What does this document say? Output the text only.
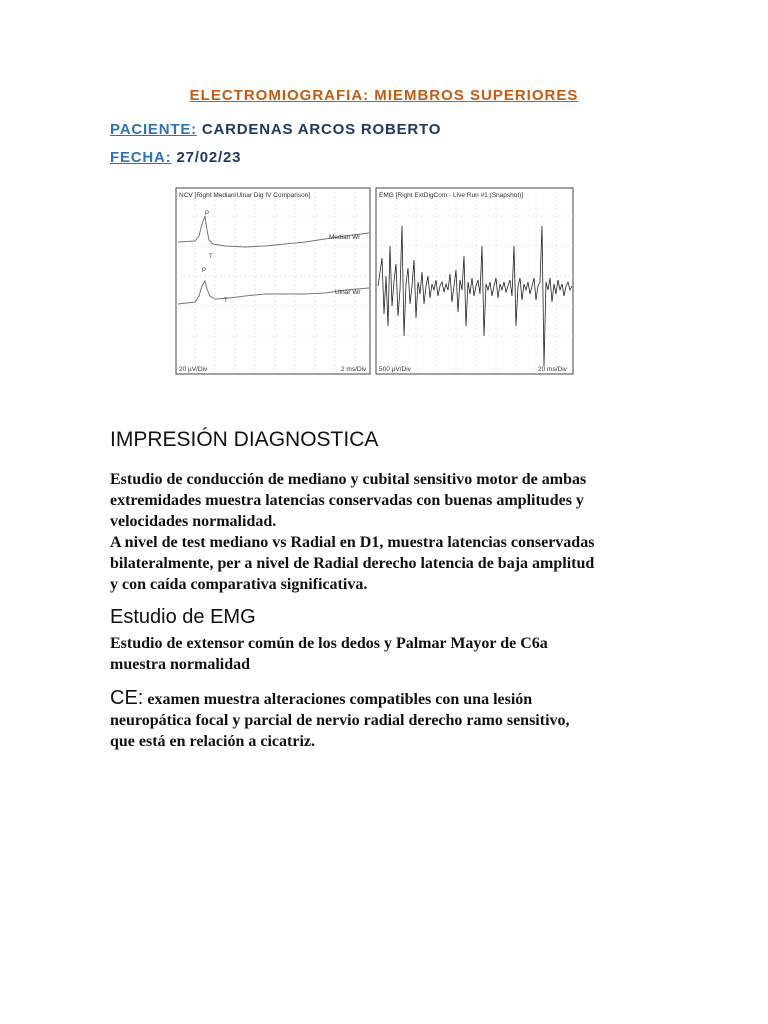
ELECTROMIOGRAFIA: MIEMBROS SUPERIORES
PACIENTE: CARDENAS ARCOS ROBERTO
FECHA: 27/02/23
NCV [Right Median/Ulnar Dig IV Comparison]
P
T
P
T
Median Wr
Ulnar Wr
20 µV/Div	2 ms/Div
EMG [Right ExtDigCom - Live Run #1 (Snapshot)]
500 µV/Div	20 ms/Div
IMPRESIÓN DIAGNOSTICA
Estudio de conducción de mediano y cubital sensitivo motor de ambas
extremidades muestra latencias conservadas con buenas amplitudes y
velocidades normalidad.
A nivel de test mediano vs Radial en D1, muestra latencias conservadas
bilateralmente, per a nivel de Radial derecho latencia de baja amplitud
y con caída comparativa significativa.
Estudio de EMG
Estudio de extensor común de los dedos y Palmar Mayor de C6a
muestra normalidad
CE: examen muestra alteraciones compatibles con una lesión
neuropática focal y parcial de nervio radial derecho ramo sensitivo,
que está en relación a cicatriz.
